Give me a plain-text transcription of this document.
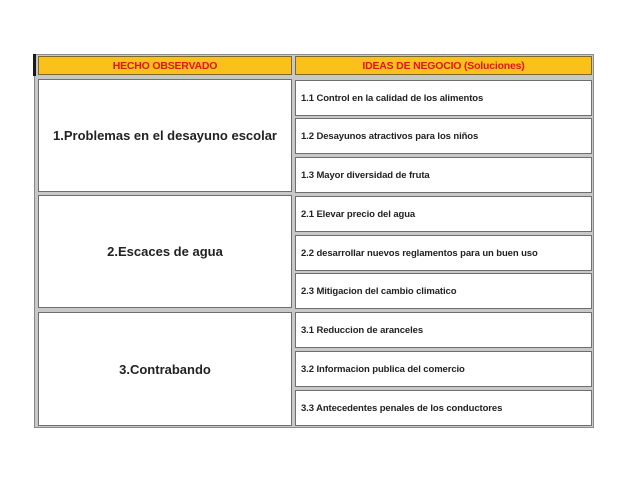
HECHO OBSERVADO	IDEAS DE NEGOCIO (Soluciones)
1.Problemas en el desayuno escolar
1.1 Control en la calidad de los alimentos
1.2 Desayunos atractivos para los niños
1.3 Mayor diversidad de fruta
2.Escaces de agua
2.1 Elevar precio del agua
2.2 desarrollar nuevos reglamentos para un buen uso
2.3 Mitigacion del cambio climatico
3.Contrabando
3.1 Reduccion de aranceles
3.2 Informacion publica del comercio
3.3 Antecedentes penales de los conductores
